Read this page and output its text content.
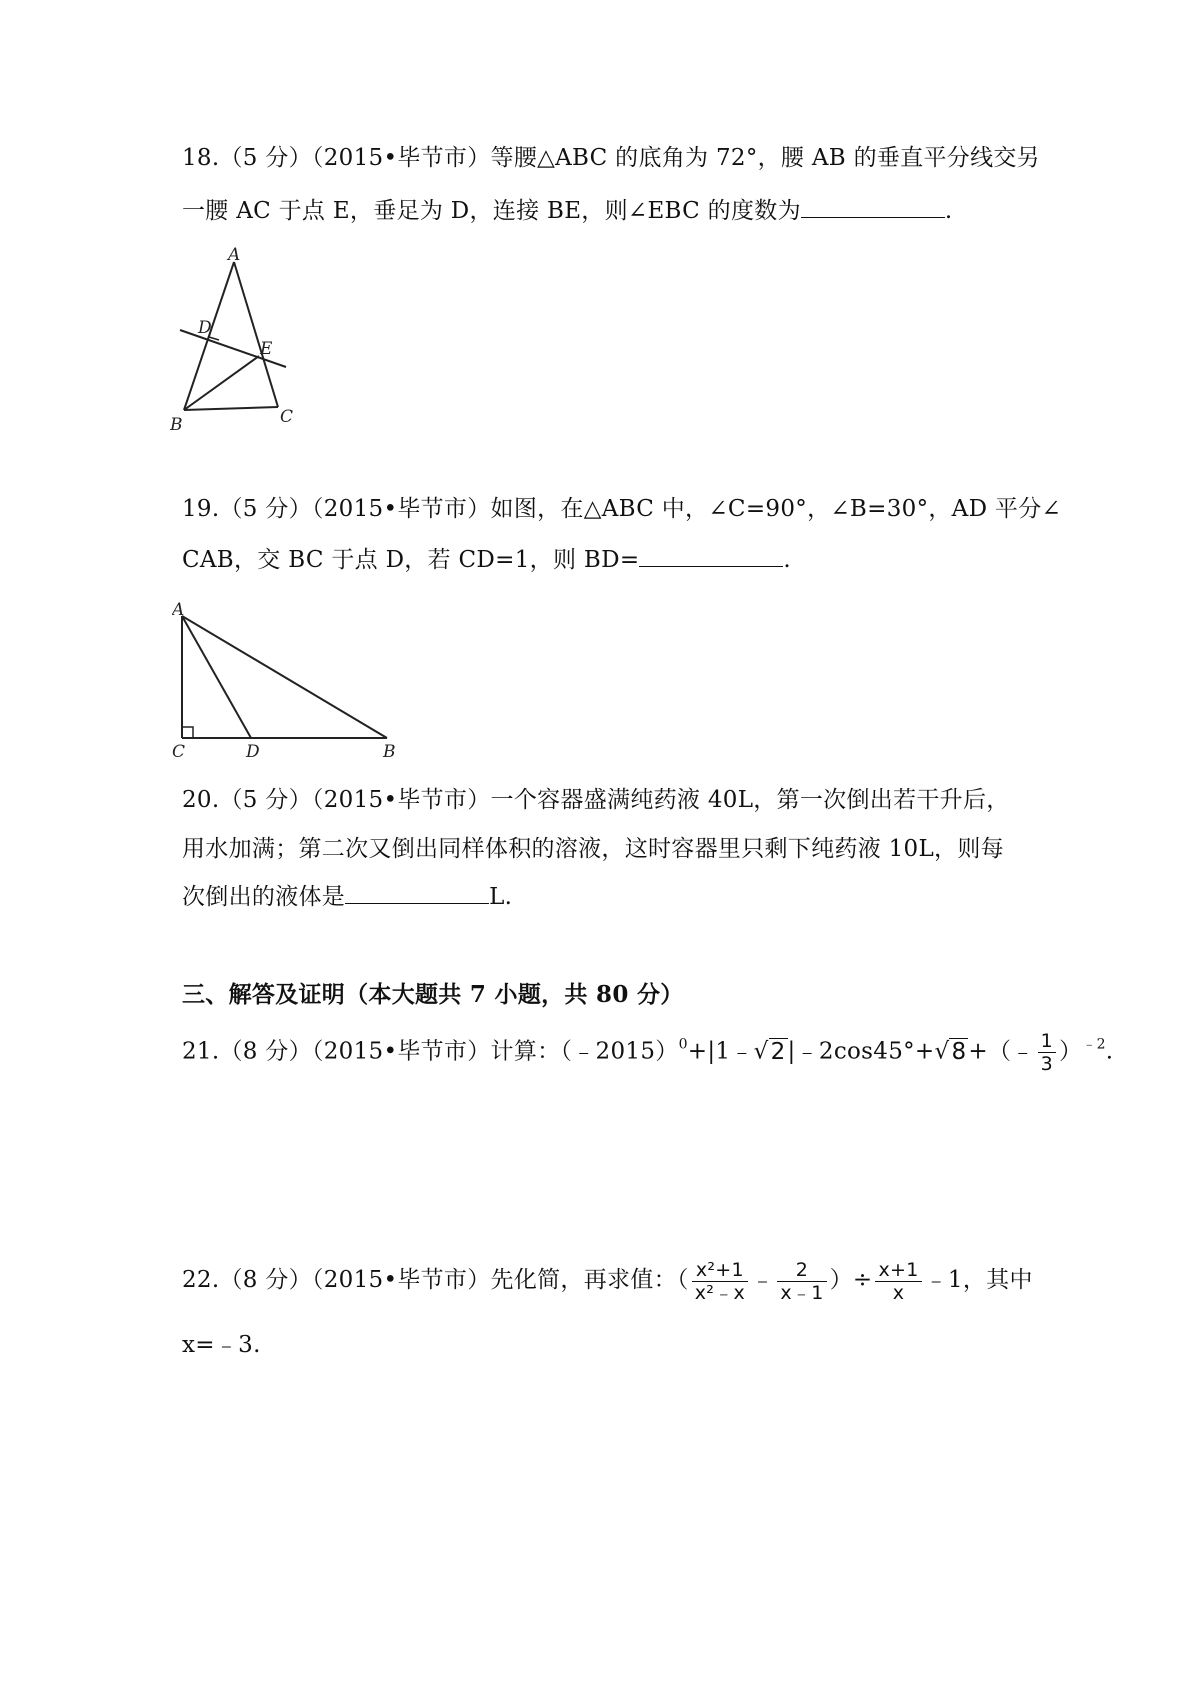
18.（5 分）（2015•毕节市）等腰△ABC 的底角为 72°，腰 AB 的垂直平分线交另
一腰 AC 于点 E，垂足为 D，连接 BE，则∠EBC 的度数为	.
A
D
E
B	C
19.（5 分）（2015•毕节市）如图，在△ABC 中，∠C=90°，∠B=30°，AD 平分∠
CAB，交 BC 于点 D，若 CD=1，则 BD=	.
A
C	D	B
20.（5 分）（2015•毕节市）一个容器盛满纯药液 40L，第一次倒出若干升后，
用水加满；第二次又倒出同样体积的溶液，这时容器里只剩下纯药液 10L，则每
次倒出的液体是	L.
三、解答及证明（本大题共 7 小题，共 80 分）
21.（8 分）（2015•毕节市）计算：（﹣2015）$^0$+|1﹣√2|﹣2cos45°+√8+（﹣ $\frac{1}{3} )^{﹣2}$.
22.（8 分）（2015•毕节市）先化简，再求值：（ $\frac{\text{x²+1}}{\text{x²﹣x}}$ ﹣ $\frac{2}{x﹣1}$ ）÷ $\frac{x+1}{x}$ ﹣1，其中
x=﹣3.
